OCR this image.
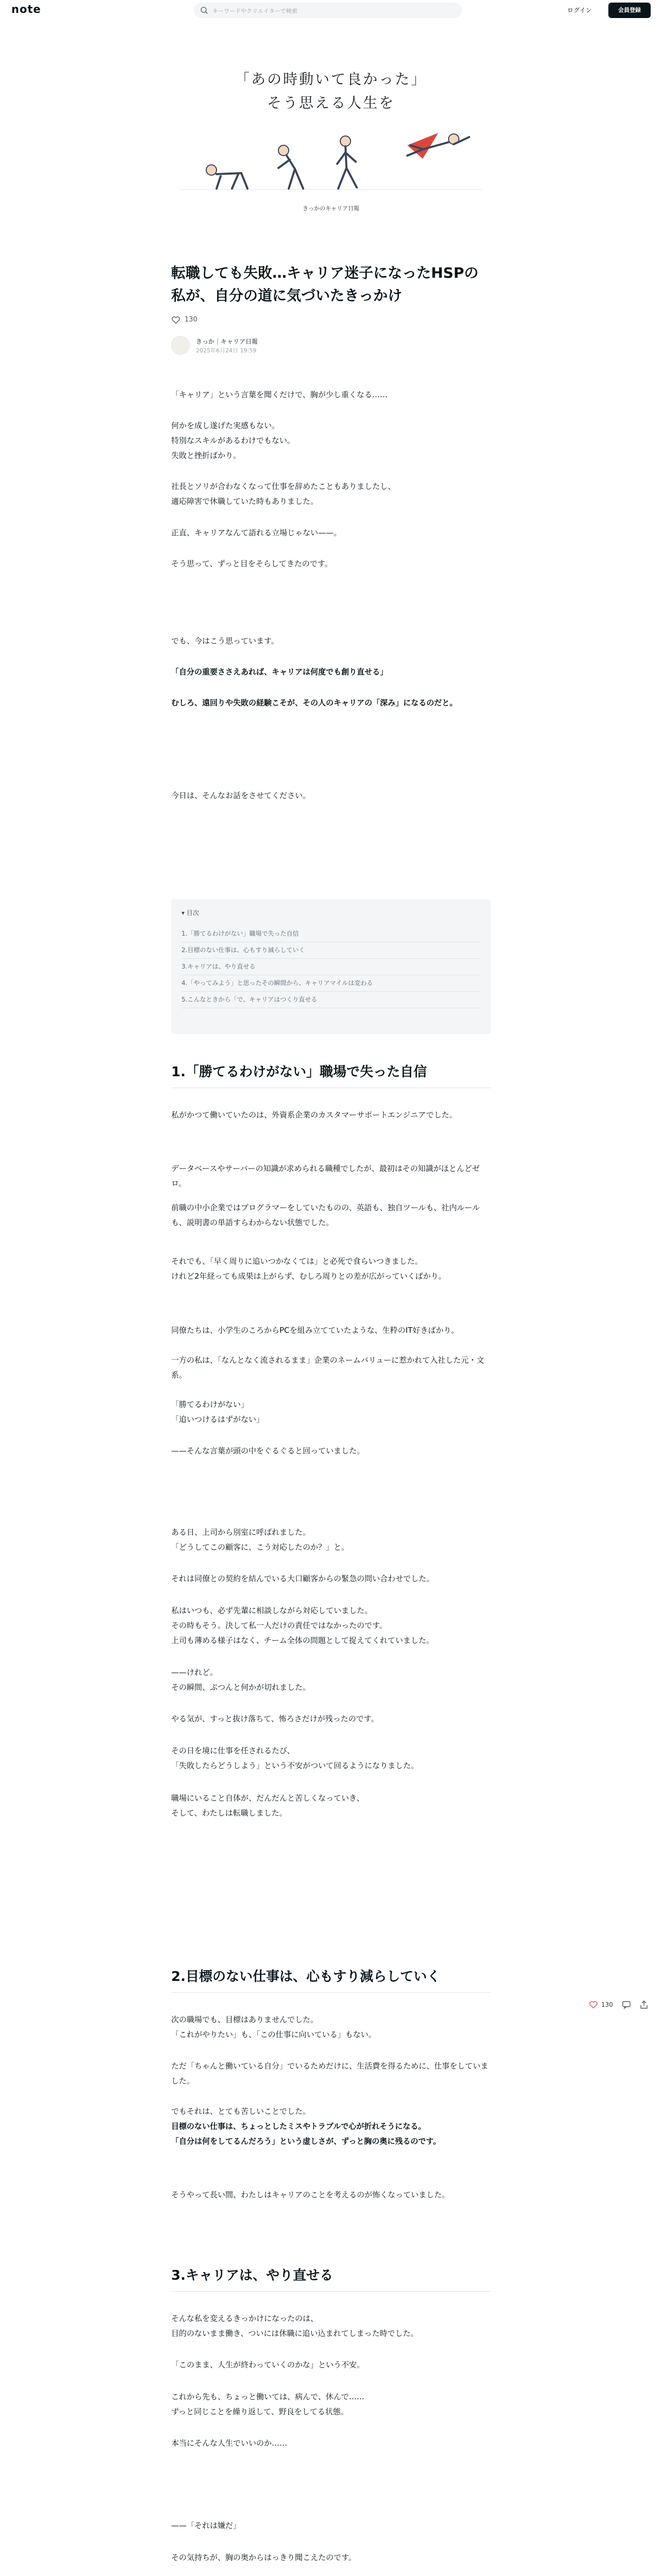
note	キーワードやクリエイターで検索	ログイン	会員登録
「あの時動いて良かった」
そう思える人生を
きっかのキャリア日報
転職しても失敗…キャリア迷子になったHSPの私が、自分の道に気づいたきっかけ
130
きっか｜キャリア日報
2025年6月24日 19:59

「キャリア」という言葉を聞くだけで、胸が少し重くなる……

何かを成し遂げた実感もない。

特別なスキルがあるわけでもない。

失敗と挫折ばかり。

社長とソリが合わなくなって仕事を辞めたこともありましたし、

適応障害で休職していた時もありました。

正直、キャリアなんて語れる立場じゃない——。

そう思って、ずっと目をそらしてきたのです。

でも、今はこう思っています。

「自分の重要ささえあれば、キャリアは何度でも創り直せる」

むしろ、遠回りや失敗の経験こそが、その人のキャリアの「深み」になるのだと。

今日は、そんなお話をさせてください。

▾ 目次
1.「勝てるわけがない」職場で失った自信
2.目標のない仕事は、心もすり減らしていく
3.キャリアは、やり直せる
4.「やってみよう」と思ったその瞬間から、キャリアマイルは変わる
5.こんなときから「で、キャリアはつくり直せる
1.「勝てるわけがない」職場で失った自信

私がかつて働いていたのは、外資系企業のカスタマーサポートエンジニアでした。

データベースやサーバーの知識が求められる職種でしたが、最初はその知識がほとんどゼロ。

前職の中小企業ではプログラマーをしていたものの、英語も、独自ツールも、社内ルールも、説明書の単語すらわからない状態でした。

それでも、「早く周りに追いつかなくては」と必死で食らいつきました。

けれど2年経っても成果は上がらず、むしろ周りとの差が広がっていくばかり。

同僚たちは、小学生のころからPCを組み立てていたような、生粋のIT好きばかり。

一方の私は、「なんとなく流されるまま」企業のネームバリューに惹かれて入社した元・文系。

「勝てるわけがない」

「追いつけるはずがない」

——そんな言葉が頭の中をぐるぐると回っていました。

ある日、上司から別室に呼ばれました。

「どうしてこの顧客に、こう対応したのか？」と。

それは同僚との契約を結んでいる大口顧客からの緊急の問い合わせでした。

私はいつも、必ず先輩に相談しながら対応していました。

その時もそう。決して私一人だけの責任ではなかったのです。

上司も薄める様子はなく、チーム全体の問題として捉えてくれていました。

——けれど。

その瞬間、ぷつんと何かが切れました。

やる気が、すっと抜け落ちて、怖ろさだけが残ったのです。

その日を境に仕事を任されるたび、

「失敗したらどうしよう」という不安がついて回るようになりました。

職場にいること自体が、だんだんと苦しくなっていき、

そして、わたしは転職しました。

2.目標のない仕事は、心もすり減らしていく

次の職場でも、目標はありませんでした。

「これがやりたい」も、「この仕事に向いている」もない。

ただ「ちゃんと働いている自分」でいるためだけに、生活費を得るために、仕事をしていました。

でもそれは、とても苦しいことでした。

目標のない仕事は、ちょっとしたミスやトラブルで心が折れそうになる。

「自分は何をしてるんだろう」という虚しさが、ずっと胸の奥に残るのです。

そうやって長い間、わたしはキャリアのことを考えるのが怖くなっていました。

130
3.キャリアは、やり直せる

そんな私を変えるきっかけになったのは、

目的のないまま働き、ついには休職に追い込まれてしまった時でした。

「このまま、人生が終わっていくのかな」という不安。

これから先も、ちょっと働いては、病んで、休んで……

ずっと同じことを繰り返して、野良をしてる状態。

本当にそんな人生でいいのか……

——「それは嫌だ」

その気持ちが、胸の奥からはっきり聞こえたのです。
